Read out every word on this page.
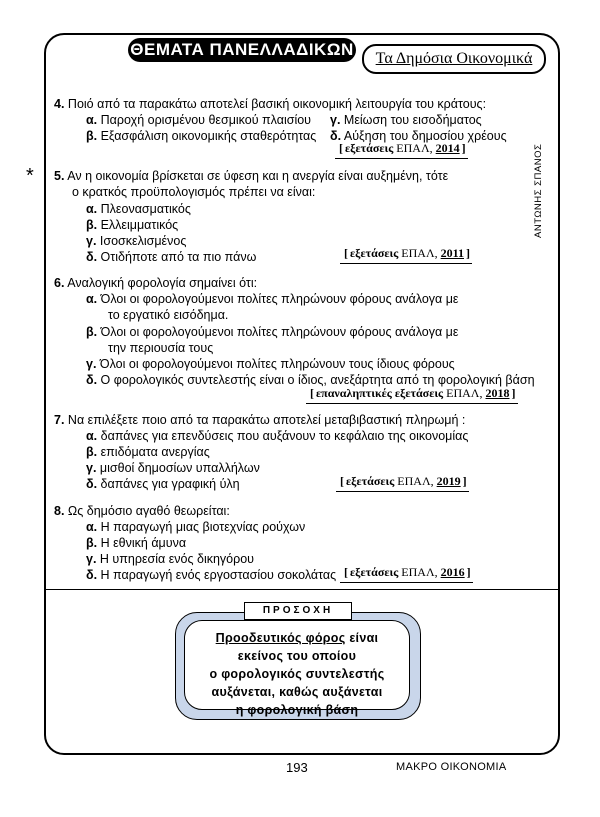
ΘΕΜΑΤΑ ΠΑΝΕΛΛΑΔΙΚΩΝ	Τα Δημόσια Οικονομικά
*	ΑΝΤΩΝΗΣ ΣΠΑΝΟΣ
4. Ποιό από τα παρακάτω αποτελεί βασική οικονομική λειτουργία του κράτους:
α. Παροχή ορισμένου θεσμικού πλαισίου γ. Μείωση του εισοδήματος
β. Εξασφάλιση οικονομικής σταθερότητας δ. Αύξηση του δημοσίου χρέους
[ εξετάσεις ΕΠΑΛ, 2014 ]
5. Αν η οικονομία βρίσκεται σε ύφεση και η ανεργία είναι αυξημένη, τότε
ο κρατκός προϋπολογισμός πρέπει να είναι:
α. Πλεονασματικός
β. Ελλειμματικός
γ. Ισοσκελισμένος
δ. Οτιδήποτε από τα πιο πάνω	[ εξετάσεις ΕΠΑΛ, 2011 ]
6. Αναλογική φορολογία σημαίνει ότι:
α. Όλοι οι φορολογούμενοι πολίτες πληρώνουν φόρους ανάλογα με
το εργατικό εισόδημα.
β. Όλοι οι φορολογούμενοι πολίτες πληρώνουν φόρους ανάλογα με
την περιουσία τους
γ. Όλοι οι φορολογούμενοι πολίτες πληρώνουν τους ίδιους φόρους
δ. Ο φορολογικός συντελεστής είναι ο ίδιος, ανεξάρτητα από τη φορολογική βάση
[ επαναληπτικές εξετάσεις ΕΠΑΛ, 2018 ]
7. Να επιλέξετε ποιο από τα παρακάτω αποτελεί μεταβιβαστική πληρωμή :
α. δαπάνες για επενδύσεις που αυξάνουν το κεφάλαιο της οικονομίας
β. επιδόματα ανεργίας
γ. μισθοί δημοσίων υπαλλήλων
δ. δαπάνες για γραφική ύλη	[ εξετάσεις ΕΠΑΛ, 2019 ]
8. Ως δημόσιο αγαθό θεωρείται:
α. Η παραγωγή μιας βιοτεχνίας ρούχων
β. Η εθνική άμυνα
γ. Η υπηρεσία ενός δικηγόρου
δ. Η παραγωγή ενός εργοστασίου σοκολάτας	[ εξετάσεις ΕΠΑΛ, 2016 ]
Προοδευτικός φόρος είναι
εκείνος του οποίου
ο φορολογικός συντελεστής
αυξάνεται, καθώς αυξάνεται
η φορολογική βάση
ΠΡΟΣΟΧΗ
193	ΜΑΚΡΟ ΟΙΚΟΝΟΜΙΑ
